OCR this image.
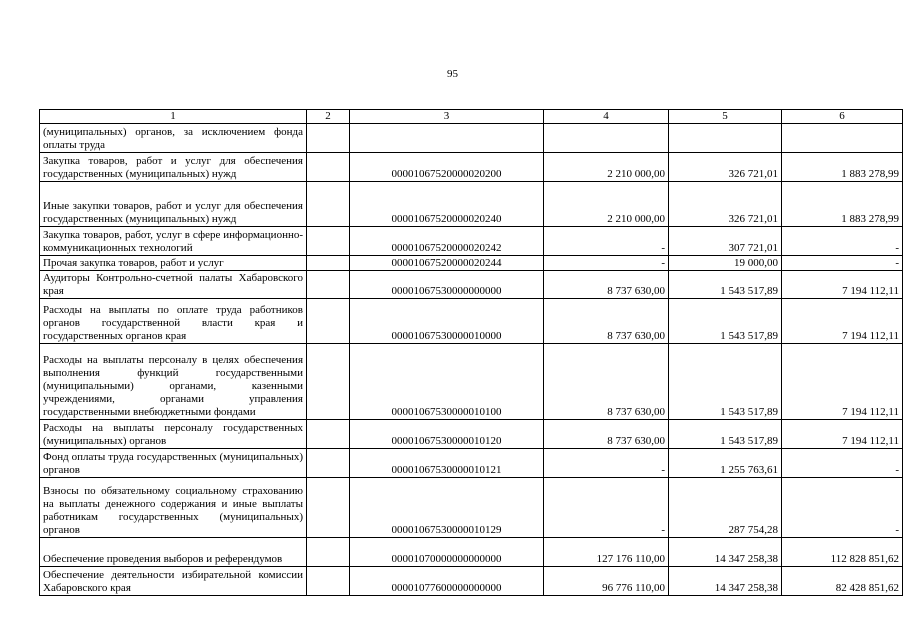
95
1	2	3	4	5	6
(муниципальных) органов, за исключением фонда оплаты труда					
Закупка товаров, работ и услуг для обеспечения государственных (муниципальных) нужд		00001067520000020200	2 210 000,00	326 721,01	1 883 278,99
Иные закупки товаров, работ и услуг для обеспечения государственных (муниципальных) нужд		00001067520000020240	2 210 000,00	326 721,01	1 883 278,99
Закупка товаров, работ, услуг в сфере информационно-коммуникационных технологий		00001067520000020242	-	307 721,01	-
Прочая закупка товаров, работ и услуг		00001067520000020244	-	19 000,00	-
Аудиторы Контрольно-счетной палаты Хабаровского края		00001067530000000000	8 737 630,00	1 543 517,89	7 194 112,11
Расходы на выплаты по оплате труда работников органов государственной власти края и государственных органов края		00001067530000010000	8 737 630,00	1 543 517,89	7 194 112,11
Расходы на выплаты персоналу в целях обеспечения выполнения функций государственными (муниципальными) органами, казенными учреждениями, органами управления государственными внебюджетными фондами		00001067530000010100	8 737 630,00	1 543 517,89	7 194 112,11
Расходы на выплаты персоналу государственных (муниципальных) органов		00001067530000010120	8 737 630,00	1 543 517,89	7 194 112,11
Фонд оплаты труда государственных (муниципальных) органов		00001067530000010121	-	1 255 763,61	-
Взносы по обязательному социальному страхованию на выплаты денежного содержания и иные выплаты работникам государственных (муниципальных) органов		00001067530000010129	-	287 754,28	-
Обеспечение проведения выборов и референдумов		00001070000000000000	127 176 110,00	14 347 258,38	112 828 851,62
Обеспечение деятельности избирательной комиссии Хабаровского края		00001077600000000000	96 776 110,00	14 347 258,38	82 428 851,62
